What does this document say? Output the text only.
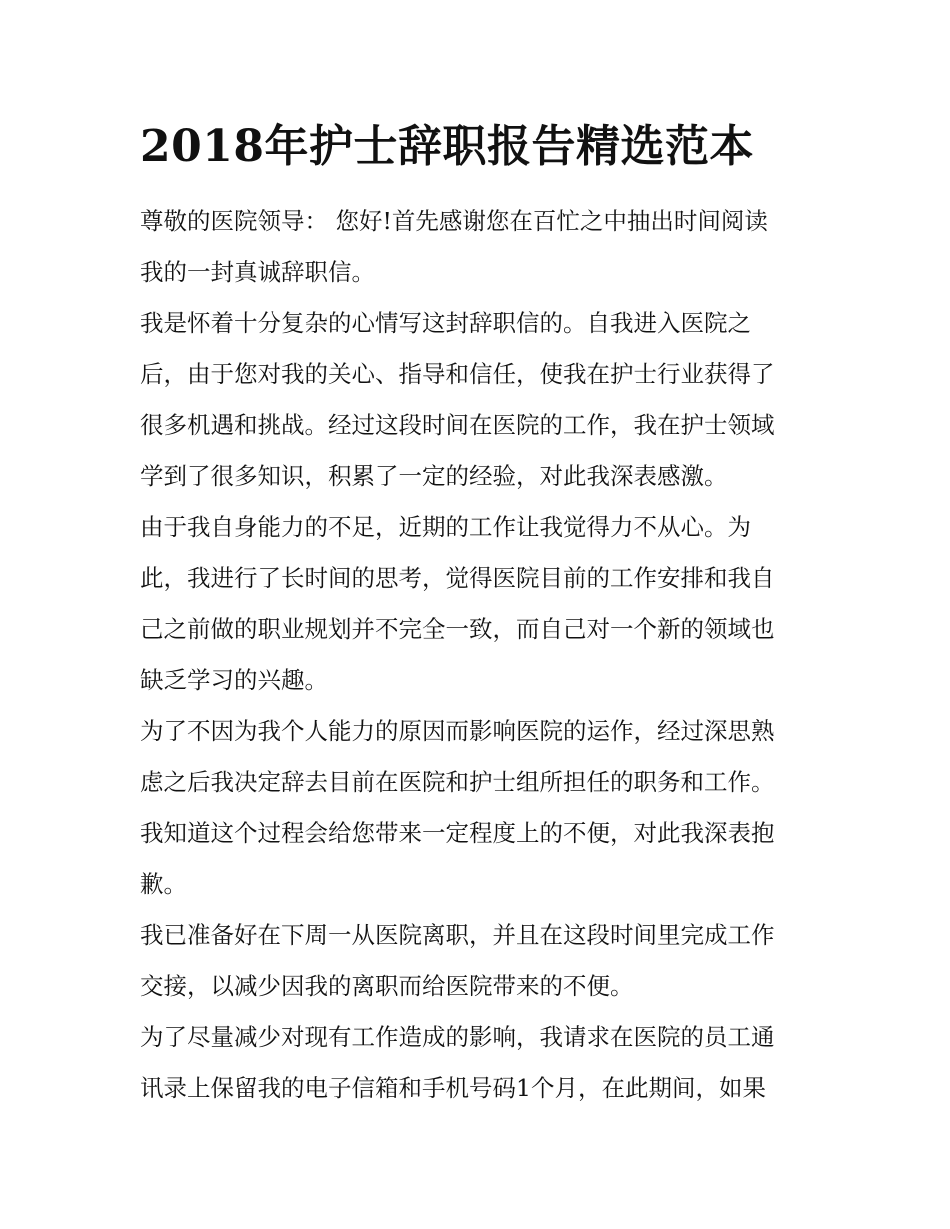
2018年护士辞职报告精选范本
尊敬的医院领导： 您好!首先感谢您在百忙之中抽出时间阅读
我的一封真诚辞职信。
我是怀着十分复杂的心情写这封辞职信的。自我进入医院之
后，由于您对我的关心、指导和信任，使我在护士行业获得了
很多机遇和挑战。经过这段时间在医院的工作，我在护士领域
学到了很多知识，积累了一定的经验，对此我深表感激。
由于我自身能力的不足，近期的工作让我觉得力不从心。为
此，我进行了长时间的思考，觉得医院目前的工作安排和我自
己之前做的职业规划并不完全一致，而自己对一个新的领域也
缺乏学习的兴趣。
为了不因为我个人能力的原因而影响医院的运作，经过深思熟
虑之后我决定辞去目前在医院和护士组所担任的职务和工作。
我知道这个过程会给您带来一定程度上的不便，对此我深表抱
歉。
我已准备好在下周一从医院离职，并且在这段时间里完成工作
交接，以减少因我的离职而给医院带来的不便。
为了尽量减少对现有工作造成的影响，我请求在医院的员工通
讯录上保留我的电子信箱和手机号码1个月，在此期间，如果
